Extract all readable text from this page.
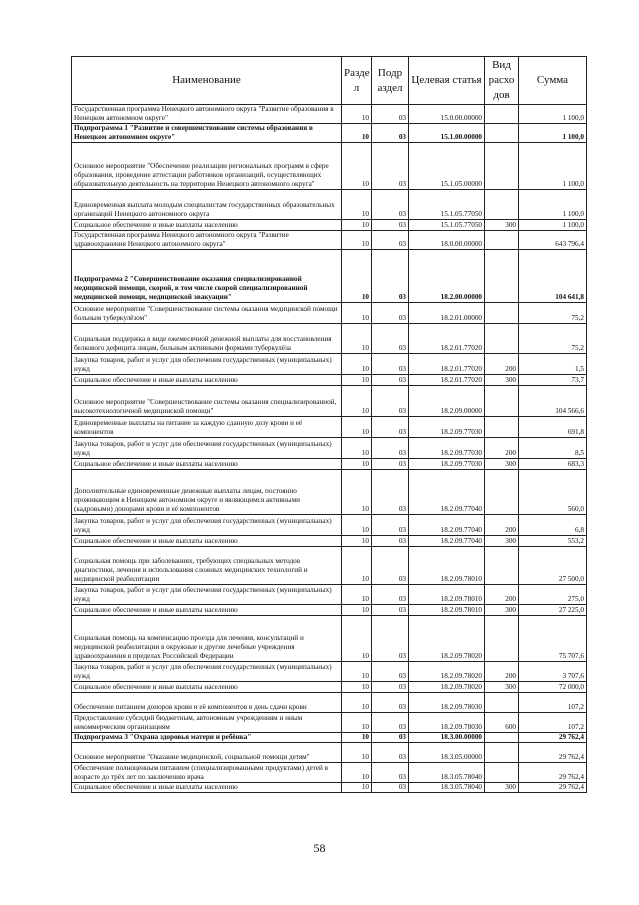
Наименование	Разде л	Подр аздел	Целевая статья	Вид расхо дов	Сумма
Государственная программа Ненецкого автономного округа "Развитие образования в Ненецком автономном округе"	10	03	15.0.00.00000		1 100,0
Подпрограмма 1 "Развитие и совершенствование системы образования в Ненецком автономном округе"	10	03	15.1.00.00000		1 100,0
Основное мероприятие "Обеспечение реализации региональных программ в сфере образования, проведение аттестации работников организаций, осуществляющих образовательную деятельность на территории Ненецкого автономного округа"	10	03	15.1.05.00000		1 100,0
Единовременная выплата молодым специалистам государственных образовательных организаций Ненецкого автономного округа	10	03	15.1.05.77050		1 100,0
Социальное обеспечение и иные выплаты населению	10	03	15.1.05.77050	300	1 100,0
Государственная программа Ненецкого автономного округа "Развитие здравоохранения Ненецкого автономного округа"	10	03	18.0.00.00000		643 796,4
Подпрограмма 2 "Совершенствование оказания специализированной медицинской помощи, скорой, в том числе скорой специализированной медицинской помощи, медицинской эвакуации"	10	03	18.2.00.00000		104 641,8
Основное мероприятие "Совершенствование системы оказания медицинской помощи больным туберкулёзом"	10	03	18.2.01.00000		75,2
Социальная поддержка в виде ежемесячной денежной выплаты для восстановления белкового дефицита лицам, больным активными формами туберкулёза	10	03	18.2.01.77020		75,2
Закупка товаров, работ и услуг для обеспечения государственных (муниципальных) нужд	10	03	18.2.01.77020	200	1,5
Социальное обеспечение и иные выплаты населению	10	03	18.2.01.77020	300	73,7
Основное мероприятие "Совершенствование системы оказания специализированной, высокотехнологичной медицинской помощи"	10	03	18.2.09.00000		104 566,6
Единовременные выплаты на питание за каждую сданную дозу крови и её компонентов	10	03	18.2.09.77030		691,8
Закупка товаров, работ и услуг для обеспечения государственных (муниципальных) нужд	10	03	18.2.09.77030	200	8,5
Социальное обеспечение и иные выплаты населению	10	03	18.2.09.77030	300	683,3
Дополнительные единовременные денежные выплаты лицам, постоянно проживающим в Ненецком автономном округе и являющимся активными (кадровыми) донорами крови и её компонентов	10	03	18.2.09.77040		560,0
Закупка товаров, работ и услуг для обеспечения государственных (муниципальных) нужд	10	03	18.2.09.77040	200	6,8
Социальное обеспечение и иные выплаты населению	10	03	18.2.09.77040	300	553,2
Социальная помощь при заболеваниях, требующих специальных методов диагностики, лечения и использования сложных медицинских технологий и медицинской реабилитации	10	03	18.2.09.78010		27 500,0
Закупка товаров, работ и услуг для обеспечения государственных (муниципальных) нужд	10	03	18.2.09.78010	200	275,0
Социальное обеспечение и иные выплаты населению	10	03	18.2.09.78010	300	27 225,0
Социальная помощь на компенсацию проезда для лечения, консультаций и медицинской реабилитации в окружные и другие лечебные учреждения здравоохранения в пределах Российской Федерации	10	03	18.2.09.78020		75 707,6
Закупка товаров, работ и услуг для обеспечения государственных (муниципальных) нужд	10	03	18.2.09.78020	200	3 707,6
Социальное обеспечение и иные выплаты населению	10	03	18.2.09.78020	300	72 000,0
Обеспечение питанием доноров крови и её компонентов в день сдачи крови	10	03	18.2.09.78030		107,2
Предоставление субсидий бюджетным, автономным учреждениям и иным некоммерческим организациям	10	03	18.2.09.78030	600	107,2
Подпрограмма 3 "Охрана здоровья матери и ребёнка"	10	03	18.3.00.00000		29 762,4
Основное мероприятие "Оказание медицинской, социальной помощи детям"	10	03	18.3.05.00000		29 762,4
Обеспечение полноценным питанием (специализированными продуктами) детей в возрасте до трёх лет по заключению врача	10	03	18.3.05.78040		29 762,4
Социальное обеспечение и иные выплаты населению	10	03	18.3.05.78040	300	29 762,4
58
